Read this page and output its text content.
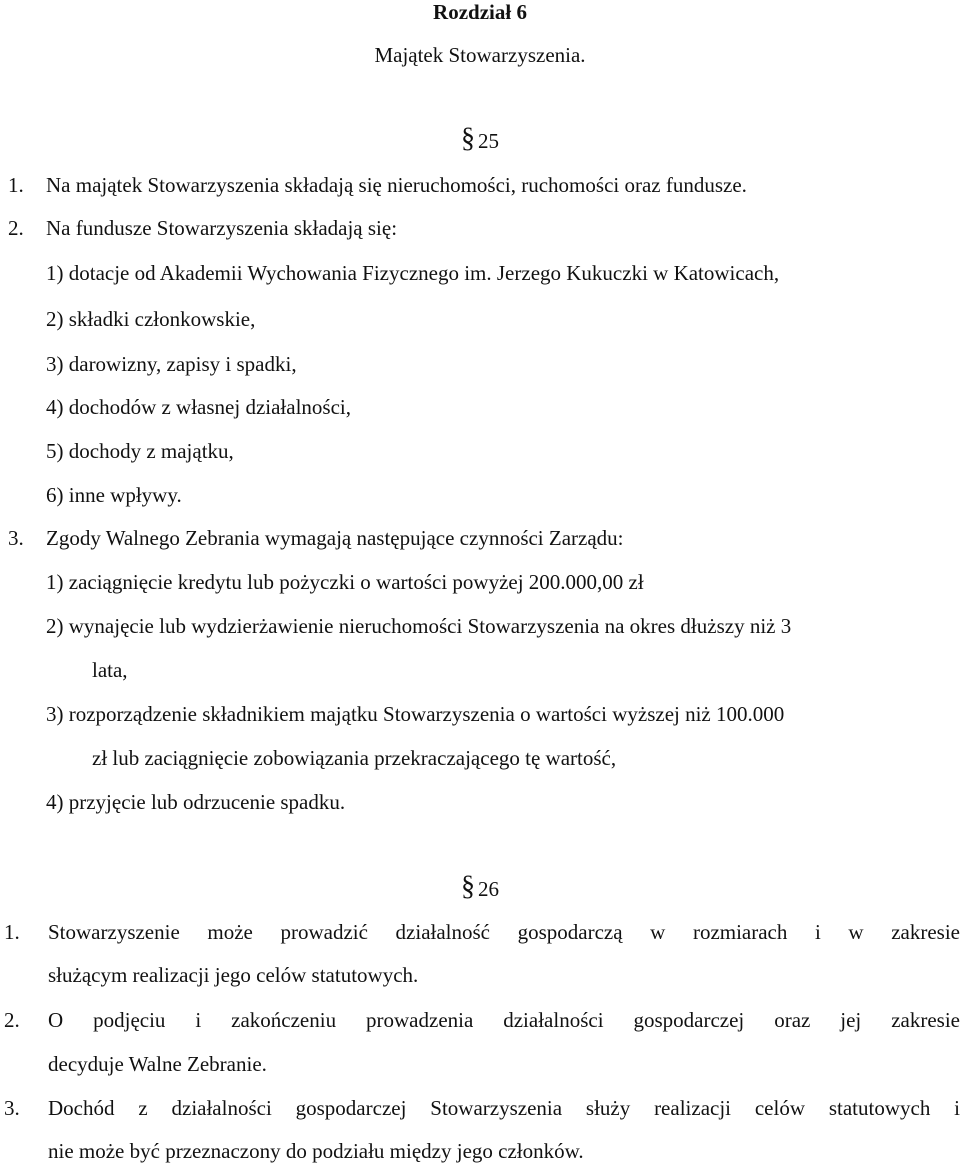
Rozdział 6
Majątek Stowarzyszenia.
§ 25
1. Na majątek Stowarzyszenia składają się nieruchomości, ruchomości oraz fundusze.
2. Na fundusze Stowarzyszenia składają się:
1) dotacje od Akademii Wychowania Fizycznego im. Jerzego Kukuczki w Katowicach,
2) składki członkowskie,
3) darowizny, zapisy i spadki,
4) dochodów z własnej działalności,
5) dochody z majątku,
6) inne wpływy.
3. Zgody Walnego Zebrania wymagają następujące czynności Zarządu:
1) zaciągnięcie kredytu lub pożyczki o wartości powyżej 200.000,00 zł
2) wynajęcie lub wydzierżawienie nieruchomości Stowarzyszenia na okres dłuższy niż 3
lata,
3) rozporządzenie składnikiem majątku Stowarzyszenia o wartości wyższej niż 100.000
zł lub zaciągnięcie zobowiązania przekraczającego tę wartość,
4) przyjęcie lub odrzucenie spadku.
§ 26
1. Stowarzyszenie może prowadzić działalność gospodarczą w rozmiarach i w zakresie
służącym realizacji jego celów statutowych.
2. O podjęciu i zakończeniu prowadzenia działalności gospodarczej oraz jej zakresie
decyduje Walne Zebranie.
3. Dochód z działalności gospodarczej Stowarzyszenia służy realizacji celów statutowych i
nie może być przeznaczony do podziału między jego członków.
